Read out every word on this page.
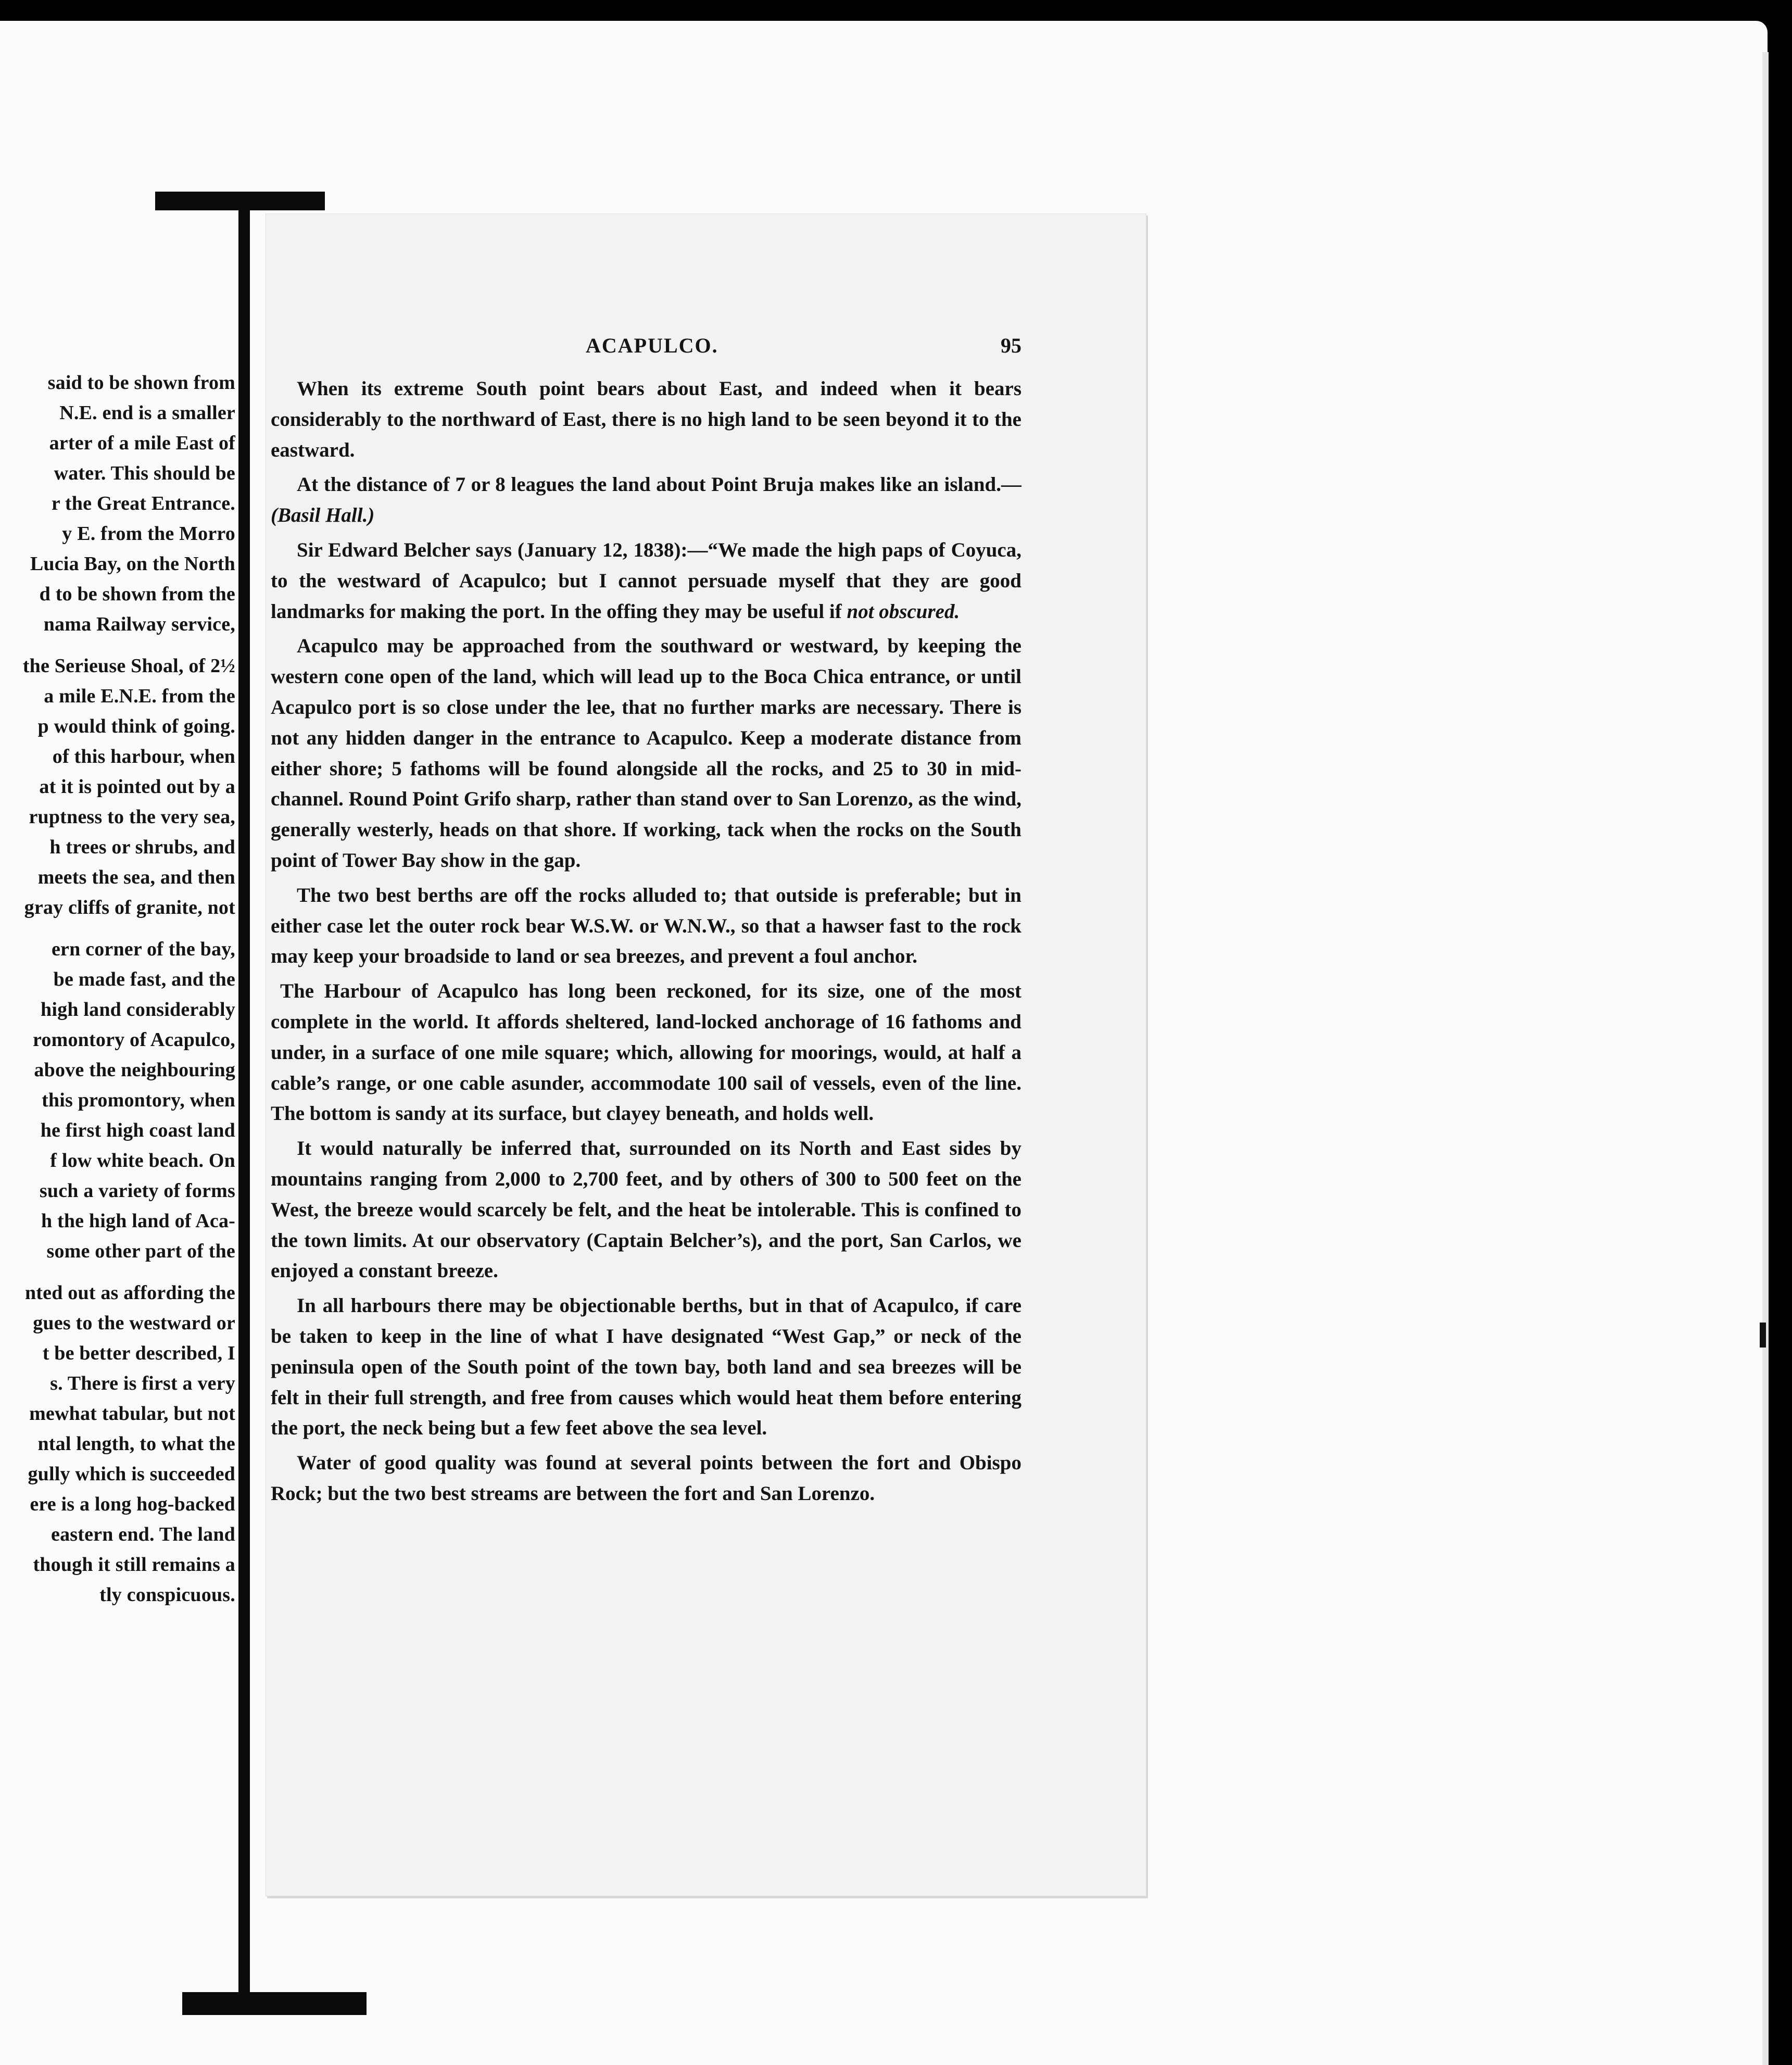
said to be shown from
N.E. end is a smaller
arter of a mile East of
water. This should be
r the Great Entrance.
y E. from the Morro
Lucia Bay, on the North
d to be shown from the
nama Railway service,
the Serieuse Shoal, of 2½
a mile E.N.E. from the
p would think of going.
of this harbour, when
at it is pointed out by a
ruptness to the very sea,
h trees or shrubs, and
meets the sea, and then
gray cliffs of granite, not
ern corner of the bay,
be made fast, and the
high land considerably
romontory of Acapulco,
above the neighbouring
this promontory, when
he first high coast land
f low white beach. On
such a variety of forms
h the high land of Aca-
some other part of the
nted out as affording the
gues to the westward or
t be better described, I
s. There is first a very
mewhat tabular, but not
ntal length, to what the
gully which is succeeded
ere is a long hog-backed
eastern end. The land
though it still remains a
tly conspicuous.
ACAPULCO.	95

When its extreme South point bears about East, and indeed when it bears considerably to the northward of East, there is no high land to be seen beyond it to the eastward.

At the distance of 7 or 8 leagues the land about Point Bruja makes like an island.—(Basil Hall.)

Sir Edward Belcher says (January 12, 1838):—“We made the high paps of Coyuca, to the westward of Acapulco; but I cannot persuade myself that they are good landmarks for making the port. In the offing they may be useful if not obscured.

Acapulco may be approached from the southward or westward, by keeping the western cone open of the land, which will lead up to the Boca Chica entrance, or until Acapulco port is so close under the lee, that no further marks are necessary. There is not any hidden danger in the entrance to Acapulco. Keep a moderate distance from either shore; 5 fathoms will be found alongside all the rocks, and 25 to 30 in mid-channel. Round Point Grifo sharp, rather than stand over to San Lorenzo, as the wind, generally westerly, heads on that shore. If working, tack when the rocks on the South point of Tower Bay show in the gap.

The two best berths are off the rocks alluded to; that outside is preferable; but in either case let the outer rock bear W.S.W. or W.N.W., so that a hawser fast to the rock may keep your broadside to land or sea breezes, and prevent a foul anchor.

The Harbour of Acapulco has long been reckoned, for its size, one of the most complete in the world. It affords sheltered, land-locked anchorage of 16 fathoms and under, in a surface of one mile square; which, allowing for moorings, would, at half a cable’s range, or one cable asunder, accommodate 100 sail of vessels, even of the line. The bottom is sandy at its surface, but clayey beneath, and holds well.

It would naturally be inferred that, surrounded on its North and East sides by mountains ranging from 2,000 to 2,700 feet, and by others of 300 to 500 feet on the West, the breeze would scarcely be felt, and the heat be intolerable. This is confined to the town limits. At our observatory (Captain Belcher’s), and the port, San Carlos, we enjoyed a constant breeze.

In all harbours there may be objectionable berths, but in that of Acapulco, if care be taken to keep in the line of what I have designated “West Gap,” or neck of the peninsula open of the South point of the town bay, both land and sea breezes will be felt in their full strength, and free from causes which would heat them before entering the port, the neck being but a few feet above the sea level.

Water of good quality was found at several points between the fort and Obispo Rock; but the two best streams are between the fort and San Lorenzo.
